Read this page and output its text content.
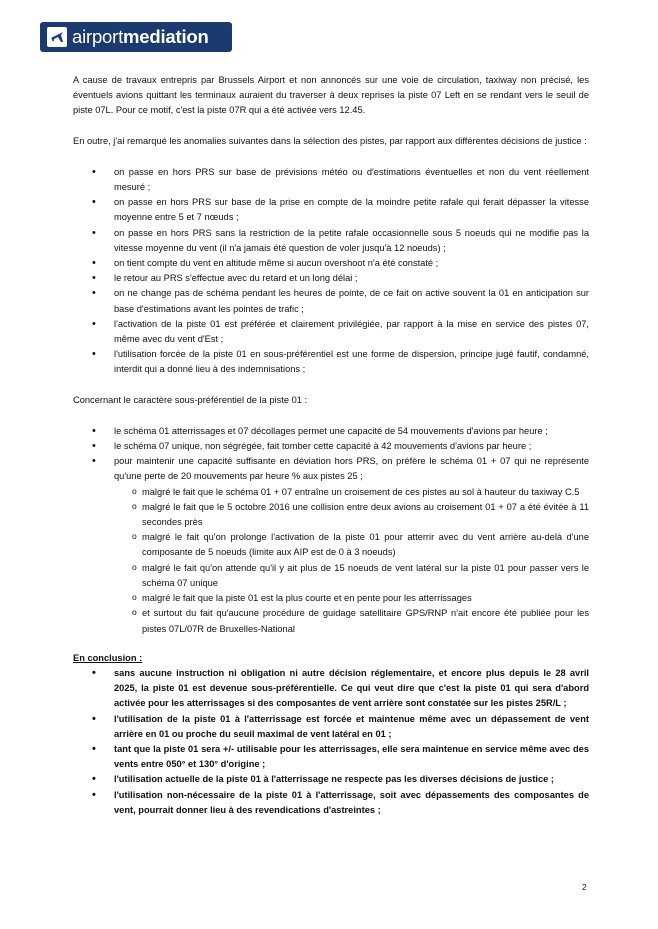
airportmediation

A cause de travaux entrepris par Brussels Airport et non annoncés sur une voie de circulation, taxiway non précisé, les éventuels avions quittant les terminaux auraient du traverser à deux reprises la piste 07 Left en se rendant vers le seuil de piste 07L. Pour ce motif, c'est la piste 07R qui a été activée vers 12.45.

En outre, j'ai remarqué les anomalies suivantes dans la sélection des pistes, par rapport aux différentes décisions de justice :

• on passe en hors PRS sur base de prévisions météo ou d'estimations éventuelles et non du vent réellement mesuré ;
• on passe en hors PRS sur base de la prise en compte de la moindre petite rafale qui ferait dépasser la vitesse moyenne entre 5 et 7 nœuds ;
• on passe en hors PRS sans la restriction de la petite rafale occasionnelle sous 5 noeuds qui ne modifie pas la vitesse moyenne du vent (il n'a jamais été question de voler jusqu'à 12 noeuds) ;
• on tient compte du vent en altitude même si aucun overshoot n'a été constaté ;
• le retour au PRS s'effectue avec du retard et un long délai ;
• on ne change pas de schéma pendant les heures de pointe, de ce fait on active souvent la 01 en anticipation sur base d'estimations avant les pointes de trafic ;
• l'activation de la piste 01 est préférée et clairement privilégiée, par rapport à la mise en service des pistes 07, même avec du vent d'Est ;
• l'utilisation forcée de la piste 01 en sous-préférentiel est une forme de dispersion, principe jugé fautif, condamné, interdit qui a donné lieu à des indemnisations ;

Concernant le caractère sous-préférentiel de la piste 01 :

• le schéma 01 atterrissages et 07 décollages permet une capacité de 54 mouvements d'avions par heure ;
• le schéma 07 unique, non ségrégée, fait tomber cette capacité à 42 mouvements d'avions par heure ;
• pour maintenir une capacité suffisante en déviation hors PRS, on préfère le schéma 01 + 07 qui ne représente qu'une perte de 20 mouvements par heure % aux pistes 25 ;
o malgré le fait que le schéma 01 + 07 entraîne un croisement de ces pistes au sol à hauteur du taxiway C.5
o malgré le fait que le 5 octobre 2016 une collision entre deux avions au croisement 01 + 07 a été évitée à 11 secondes près
o malgré le fait qu'on prolonge l'activation de la piste 01 pour atterrir avec du vent arrière au-delà d'une composante de 5 noeuds (limite aux AIP est de 0 à 3 noeuds)
o malgré le fait qu'on attende qu'il y ait plus de 15 noeuds de vent latéral sur la piste 01 pour passer vers le schéma 07 unique
o malgré le fait que la piste 01 est la plus courte et en pente pour les atterrissages
o et surtout du fait qu'aucune procédure de guidage satellitaire GPS/RNP n'ait encore été publiée pour les pistes 07L/07R de Bruxelles-National

En conclusion :

• sans aucune instruction ni obligation ni autre décision réglementaire, et encore plus depuis le 28 avril 2025, la piste 01 est devenue sous-préférentielle. Ce qui veut dire que c'est la piste 01 qui sera d'abord activée pour les atterrissages si des composantes de vent arrière sont constatée sur les pistes 25R/L ;
• l'utilisation de la piste 01 à l'atterrissage est forcée et maintenue même avec un dépassement de vent arrière en 01 ou proche du seuil maximal de vent latéral en 01 ;
• tant que la piste 01 sera +/- utilisable pour les atterrissages, elle sera maintenue en service même avec des vents entre 050° et 130° d'origine ;
• l'utilisation actuelle de la piste 01 à l'atterrissage ne respecte pas les diverses décisions de justice ;
• l'utilisation non-nécessaire de la piste 01 à l'atterrissage, soit avec dépassements des composantes de vent, pourrait donner lieu à des revendications d'astreintes ;
2
